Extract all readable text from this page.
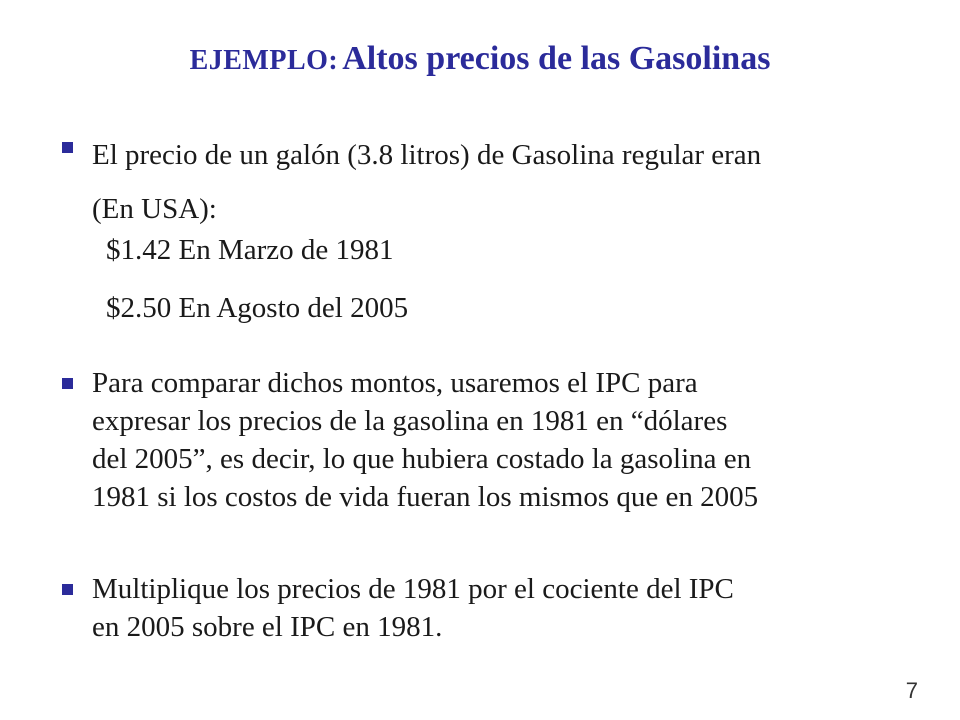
EJEMPLO: Altos precios de las Gasolinas
El precio de un galón (3.8 litros) de Gasolina regular eran
(En USA):
$1.42 En Marzo de 1981
$2.50 En Agosto del 2005
Para comparar dichos montos, usaremos el IPC para
expresar los precios de la gasolina en 1981 en “dólares
del 2005”, es decir, lo que hubiera costado la gasolina en
1981 si los costos de vida fueran los mismos que en 2005
Multiplique los precios de 1981 por el cociente del IPC
en 2005 sobre el IPC en 1981.
7
